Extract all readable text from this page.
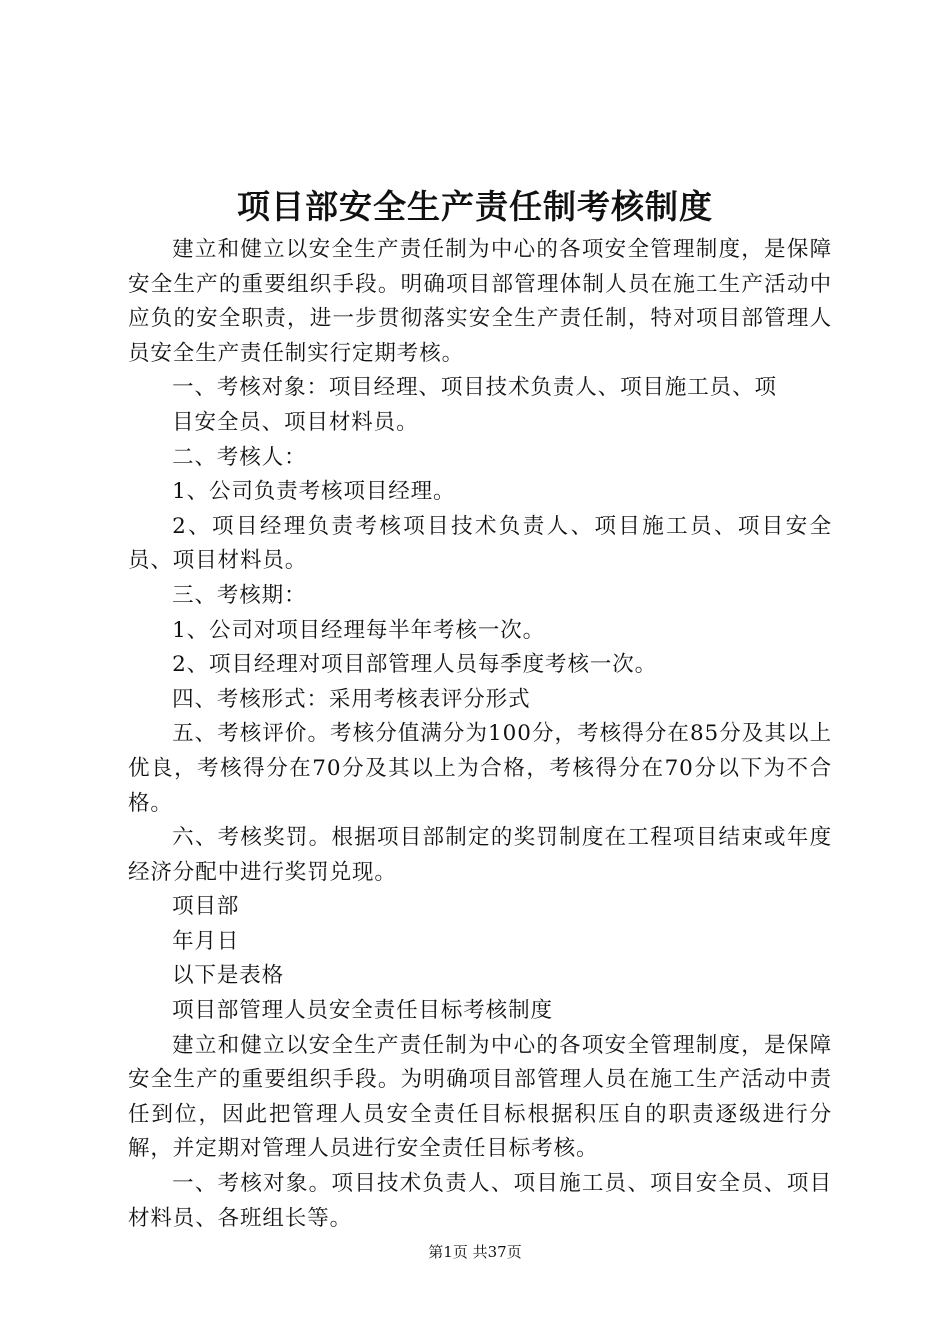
项目部安全生产责任制考核制度

建立和健立以安全生产责任制为中心的各项安全管理制度，是保障安全生产的重要组织手段。明确项目部管理体制人员在施工生产活动中应负的安全职责，进一步贯彻落实安全生产责任制，特对项目部管理人员安全生产责任制实行定期考核。

一、考核对象：项目经理、项目技术负责人、项目施工员、项

目安全员、项目材料员。

二、考核人：

1、公司负责考核项目经理。

2、项目经理负责考核项目技术负责人、项目施工员、项目安全员、项目材料员。

三、考核期：

1、公司对项目经理每半年考核一次。

2、项目经理对项目部管理人员每季度考核一次。

四、考核形式：采用考核表评分形式

五、考核评价。考核分值满分为100分，考核得分在85分及其以上优良，考核得分在70分及其以上为合格，考核得分在70分以下为不合格。

六、考核奖罚。根据项目部制定的奖罚制度在工程项目结束或年度经济分配中进行奖罚兑现。

项目部

年月日

以下是表格

项目部管理人员安全责任目标考核制度

建立和健立以安全生产责任制为中心的各项安全管理制度，是保障安全生产的重要组织手段。为明确项目部管理人员在施工生产活动中责任到位，因此把管理人员安全责任目标根据积压自的职责逐级进行分解，并定期对管理人员进行安全责任目标考核。

一、考核对象。项目技术负责人、项目施工员、项目安全员、项目材料员、各班组长等。

第1页 共37页
